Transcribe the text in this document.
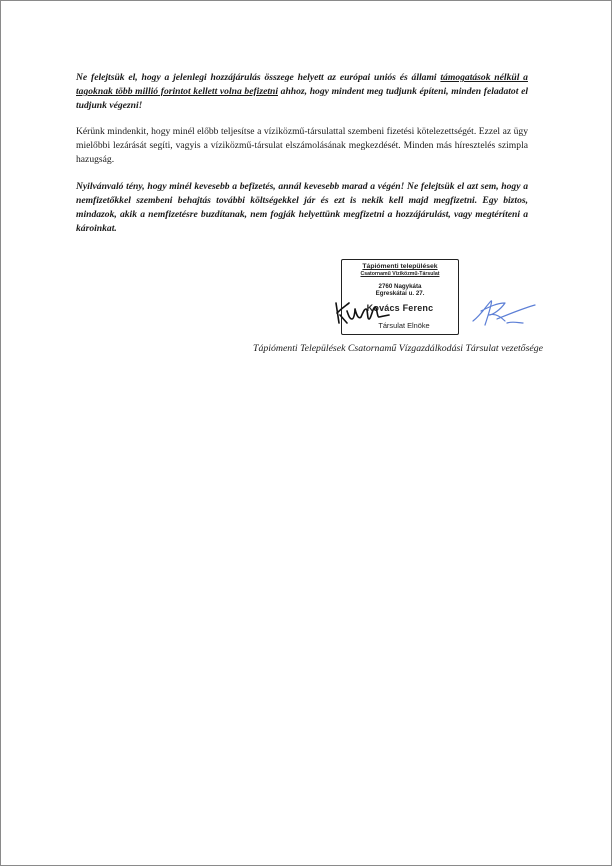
Ne felejtsük el, hogy a jelenlegi hozzájárulás összege helyett az európai uniós és állami támogatások nélkül a tagoknak több millió forintot kellett volna befizetni ahhoz, hogy mindent meg tudjunk építeni, minden feladatot el tudjunk végezni!

Kérünk mindenkit, hogy minél előbb teljesítse a víziközmű-társulattal szembeni fizetési kötelezettségét. Ezzel az ügy mielőbbi lezárását segíti, vagyis a víziközmű-társulat elszámolásának megkezdését. Minden más híresztelés szimpla hazugság.

Nyilvánvaló tény, hogy minél kevesebb a befizetés, annál kevesebb marad a végén! Ne felejtsük el azt sem, hogy a nemfizetőkkel szembeni behajtás további költségekkel jár és ezt is nekik kell majd megfizetni. Egy biztos, mindazok, akik a nemfizetésre buzdítanak, nem fogják helyettünk megfizetni a hozzájárulást, vagy megtéríteni a károinkat.

Tápiómenti települések
Csatornamű Víziközmű-Társulat
2760 Nagykáta
Egreskátai u. 27.
Kovács Ferenc
Társulat Elnöke
Tápiómenti Települések Csatornamű Vízgazdálkodási Társulat vezetősége
